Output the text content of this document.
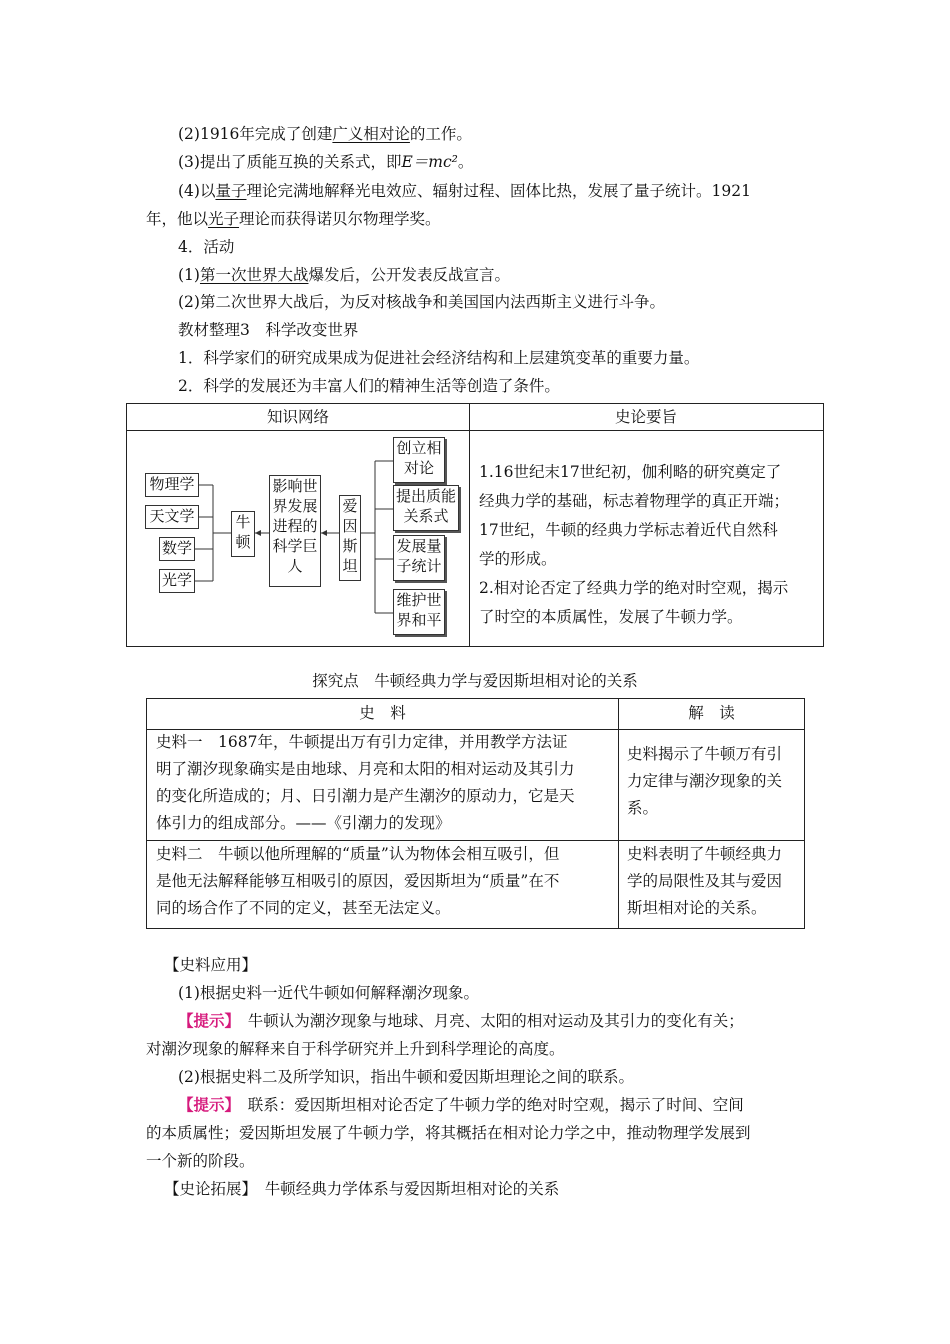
(2)1916年完成了创建广义相对论的工作。
(3)提出了质能互换的关系式，即E＝mc²。
(4)以量子理论完满地解释光电效应、辐射过程、固体比热，发展了量子统计。1921
年，他以光子理论而获得诺贝尔物理学奖。
4．活动
(1)第一次世界大战爆发后，公开发表反战宣言。
(2)第二次世界大战后，为反对核战争和美国国内法西斯主义进行斗争。
教材整理3　科学改变世界
1．科学家们的研究成果成为促进社会经济结构和上层建筑变革的重要力量。
2．科学的发展还为丰富人们的精神生活等创造了条件。
知识网络	史论要旨
物理学
天文学
数学
光学
牛
顿
影响世
界发展
进程的
科学巨
人
爱
因
斯
坦
创立相
对论
提出质能
关系式
发展量
子统计
维护世
界和平
1.16世纪末17世纪初，伽利略的研究奠定了
经典力学的基础，标志着物理学的真正开端；
17世纪，牛顿的经典力学标志着近代自然科
学的形成。
2.相对论否定了经典力学的绝对时空观，揭示
了时空的本质属性，发展了牛顿力学。
探究点　牛顿经典力学与爱因斯坦相对论的关系
史　料	解　读
史料一　1687年，牛顿提出万有引力定律，并用教学方法证
明了潮汐现象确实是由地球、月亮和太阳的相对运动及其引力
的变化所造成的；月、日引潮力是产生潮汐的原动力，它是天
体引力的组成部分。——《引潮力的发现》
史料揭示了牛顿万有引
力定律与潮汐现象的关
系。
史料二　牛顿以他所理解的“质量”认为物体会相互吸引，但
是他无法解释能够互相吸引的原因，爱因斯坦为“质量”在不
同的场合作了不同的定义，甚至无法定义。
史料表明了牛顿经典力
学的局限性及其与爱因
斯坦相对论的关系。
【史料应用】
(1)根据史料一近代牛顿如何解释潮汐现象。
【提示】　牛顿认为潮汐现象与地球、月亮、太阳的相对运动及其引力的变化有关；
对潮汐现象的解释来自于科学研究并上升到科学理论的高度。
(2)根据史料二及所学知识，指出牛顿和爱因斯坦理论之间的联系。
【提示】　联系：爱因斯坦相对论否定了牛顿力学的绝对时空观，揭示了时间、空间
的本质属性；爱因斯坦发展了牛顿力学，将其概括在相对论力学之中，推动物理学发展到
一个新的阶段。
【史论拓展】　牛顿经典力学体系与爱因斯坦相对论的关系
